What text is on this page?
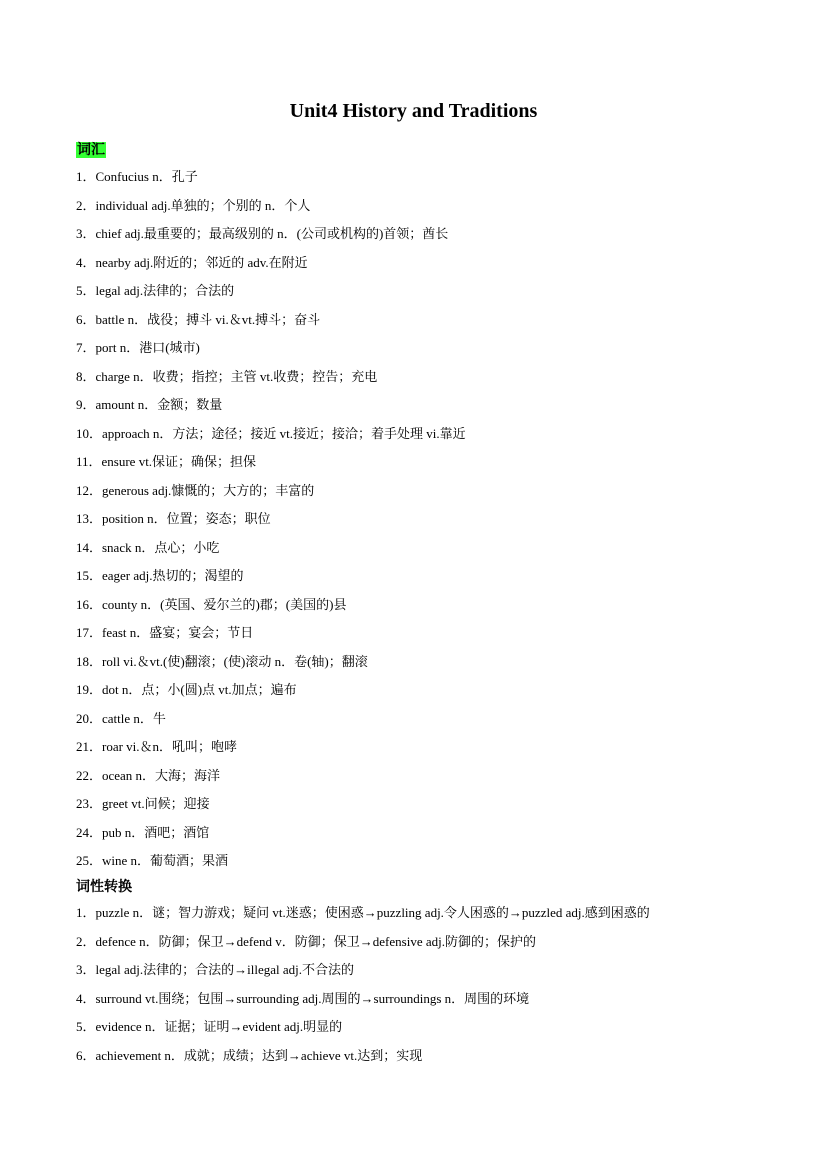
Unit4 History and Traditions
词汇
1．Confucius n．孔子
2．individual adj.单独的；个别的 n．个人
3．chief adj.最重要的；最高级别的 n．(公司或机构的)首领；酋长
4．nearby adj.附近的；邻近的 adv.在附近
5．legal adj.法律的；合法的
6．battle n．战役；搏斗 vi.＆vt.搏斗；奋斗
7．port n．港口(城市)
8．charge n．收费；指控；主管 vt.收费；控告；充电
9．amount n．金额；数量
10．approach n．方法；途径；接近 vt.接近；接洽；着手处理 vi.靠近
11．ensure vt.保证；确保；担保
12．generous adj.慷慨的；大方的；丰富的
13．position n．位置；姿态；职位
14．snack n．点心；小吃
15．eager adj.热切的；渴望的
16．county n．(英国、爱尔兰的)郡；(美国的)县
17．feast n．盛宴；宴会；节日
18．roll vi.＆vt.(使)翻滚；(使)滚动 n．卷(轴)；翻滚
19．dot n．点；小(圆)点 vt.加点；遍布
20．cattle n．牛
21．roar vi.＆n．吼叫；咆哮
22．ocean n．大海；海洋
23．greet vt.问候；迎接
24．pub n．酒吧；酒馆
25．wine n．葡萄酒；果酒
词性转换
1．puzzle n．谜；智力游戏；疑问 vt.迷惑；使困惑→puzzling adj.令人困惑的→puzzled adj.感到困惑的
2．defence n．防御；保卫→defend v．防御；保卫→defensive adj.防御的；保护的
3．legal adj.法律的；合法的→illegal adj.不合法的
4．surround vt.围绕；包围→surrounding adj.周围的→surroundings n．周围的环境
5．evidence n．证据；证明→evident adj.明显的
6．achievement n．成就；成绩；达到→achieve vt.达到；实现
